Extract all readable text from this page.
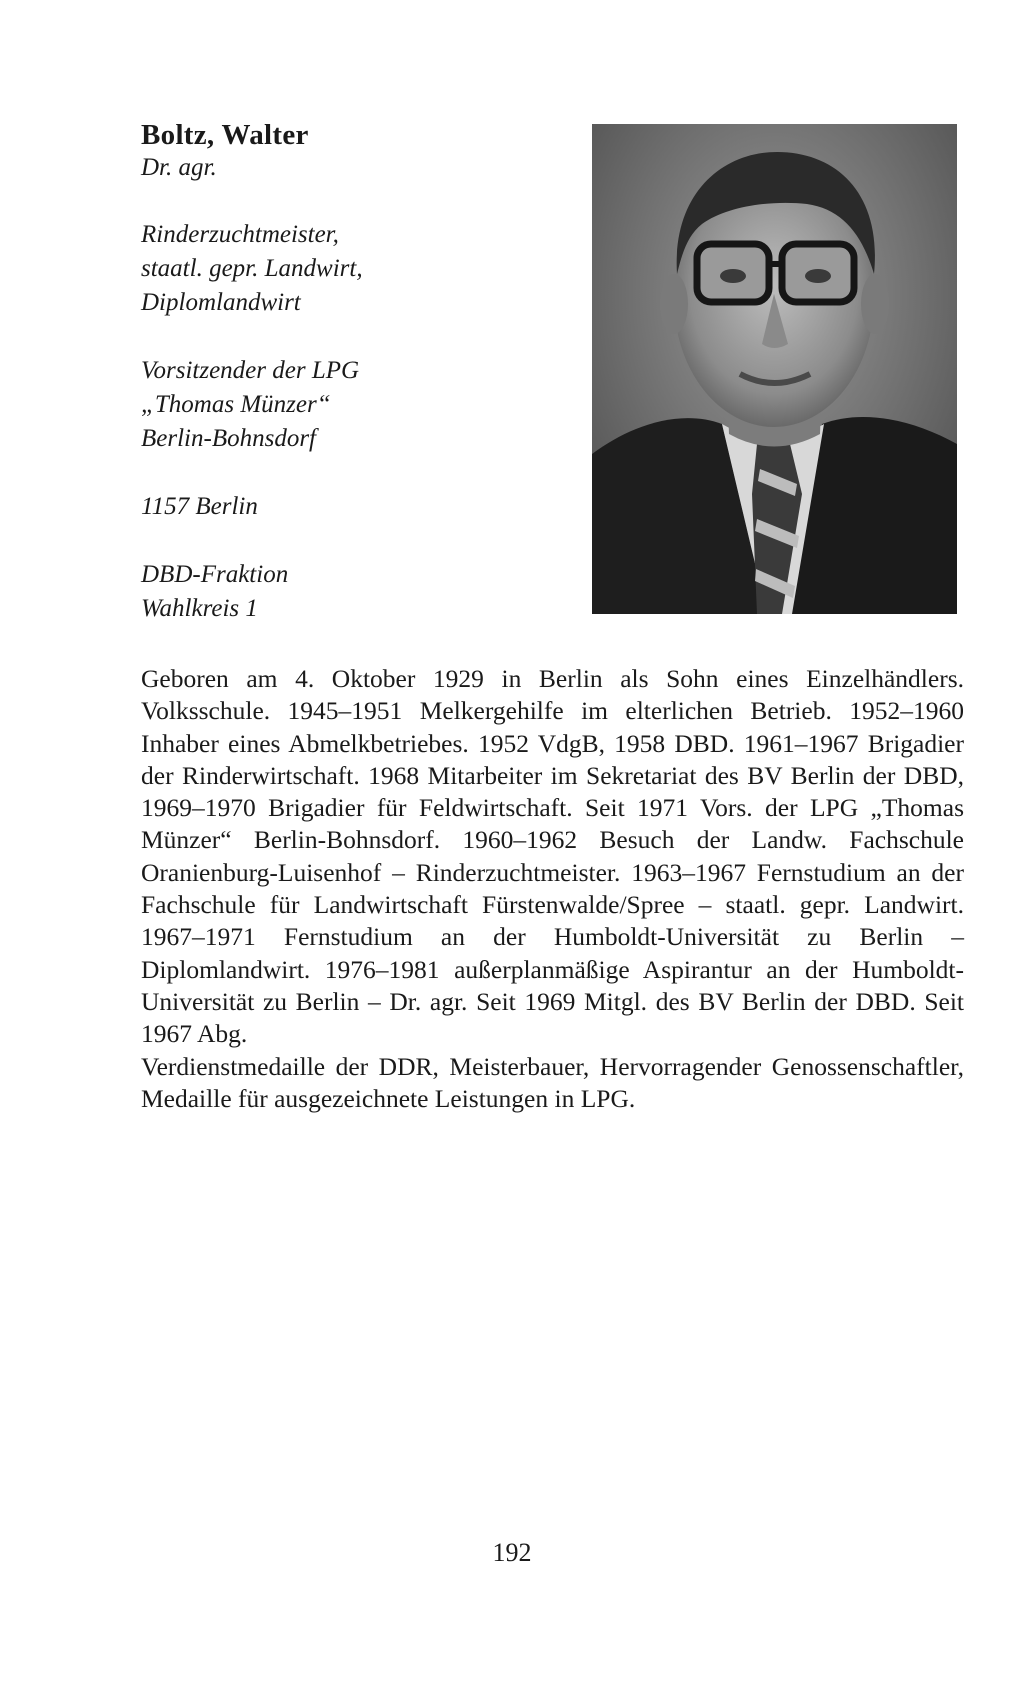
Boltz, Walter
Dr. agr.
Rinderzuchtmeister,
staatl. gepr. Landwirt,
Diplomlandwirt
Vorsitzender der LPG
„Thomas Münzer“
Berlin-Bohnsdorf
1157 Berlin
DBD-Fraktion
Wahlkreis 1

Geboren am 4. Oktober 1929 in Berlin als Sohn eines Einzelhändlers. Volksschule. 1945–1951 Melkergehilfe im elterlichen Betrieb. 1952–1960 Inhaber eines Abmelkbetriebes. 1952 VdgB, 1958 DBD. 1961–1967 Brigadier der Rinderwirtschaft. 1968 Mitarbeiter im Sekretariat des BV Berlin der DBD, 1969–1970 Brigadier für Feldwirtschaft. Seit 1971 Vors. der LPG „Thomas Münzer“ Berlin-Bohnsdorf. 1960–1962 Besuch der Landw. Fachschule Oranienburg-Luisenhof – Rinderzuchtmeister. 1963–1967 Fernstudium an der Fachschule für Landwirtschaft Fürstenwalde/Spree – staatl. gepr. Landwirt. 1967–1971 Fernstudium an der Humboldt-Universität zu Berlin – Diplomlandwirt. 1976–1981 außerplanmäßige Aspirantur an der Humboldt-Universität zu Berlin – Dr. agr. Seit 1969 Mitgl. des BV Berlin der DBD. Seit 1967 Abg.

Verdienstmedaille der DDR, Meisterbauer, Hervorragender Genossenschaftler, Medaille für ausgezeichnete Leistungen in LPG.

192
